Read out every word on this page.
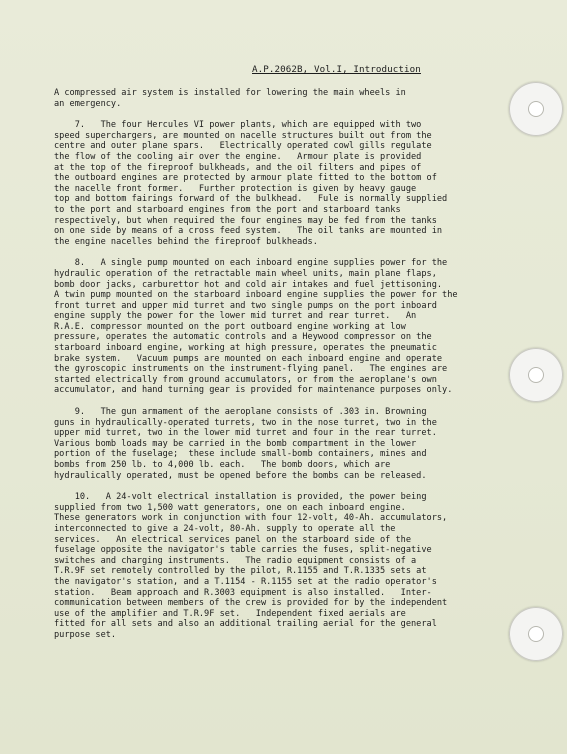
A.P.2062B, Vol.I, Introduction
A compressed air system is installed for lowering the main wheels in
an emergency.
7.   The four Hercules VI power plants, which are equipped with two
speed superchargers, are mounted on nacelle structures built out from the
centre and outer plane spars.   Electrically operated cowl gills regulate
the flow of the cooling air over the engine.   Armour plate is provided
at the top of the fireproof bulkheads, and the oil filters and pipes of
the outboard engines are protected by armour plate fitted to the bottom of
the nacelle front former.   Further protection is given by heavy gauge
top and bottom fairings forward of the bulkhead.   Fule is normally supplied
to the port and starboard engines from the port and starboard tanks
respectively, but when required the four engines may be fed from the tanks
on one side by means of a cross feed system.   The oil tanks are mounted in
the engine nacelles behind the fireproof bulkheads.
8.   A single pump mounted on each inboard engine supplies power for the
hydraulic operation of the retractable main wheel units, main plane flaps,
bomb door jacks, carburettor hot and cold air intakes and fuel jettisoning.
A twin pump mounted on the starboard inboard engine supplies the power for the
front turret and upper mid turret and two single pumps on the port inboard
engine supply the power for the lower mid turret and rear turret.   An
R.A.E. compressor mounted on the port outboard engine working at low
pressure, operates the automatic controls and a Heywood compressor on the
starboard inboard engine, working at high pressure, operates the pneumatic
brake system.   Vacuum pumps are mounted on each inboard engine and operate
the gyroscopic instruments on the instrument-flying panel.   The engines are
started electrically from ground accumulators, or from the aeroplane's own
accumulator, and hand turning gear is provided for maintenance purposes only.
9.   The gun armament of the aeroplane consists of .303 in. Browning
guns in hydraulically-operated turrets, two in the nose turret, two in the
upper mid turret, two in the lower mid turret and four in the rear turret.
Various bomb loads may be carried in the bomb compartment in the lower
portion of the fuselage;  these include small-bomb containers, mines and
bombs from 250 lb. to 4,000 lb. each.   The bomb doors, which are
hydraulically operated, must be opened before the bombs can be released.
10.   A 24-volt electrical installation is provided, the power being
supplied from two 1,500 watt generators, one on each inboard engine.
These generators work in conjunction with four 12-volt, 40-Ah. accumulators,
interconnected to give a 24-volt, 80-Ah. supply to operate all the
services.   An electrical services panel on the starboard side of the
fuselage opposite the navigator's table carries the fuses, split-negative
switches and charging instruments.   The radio equipment consists of a
T.R.9F set remotely controlled by the pilot, R.1155 and T.R.1335 sets at
the navigator's station, and a T.1154 - R.1155 set at the radio operator's
station.   Beam approach and R.3003 equipment is also installed.   Inter-
communication between members of the crew is provided for by the independent
use of the amplifier and T.R.9F set.   Independent fixed aerials are
fitted for all sets and also an additional trailing aerial for the general
purpose set.
